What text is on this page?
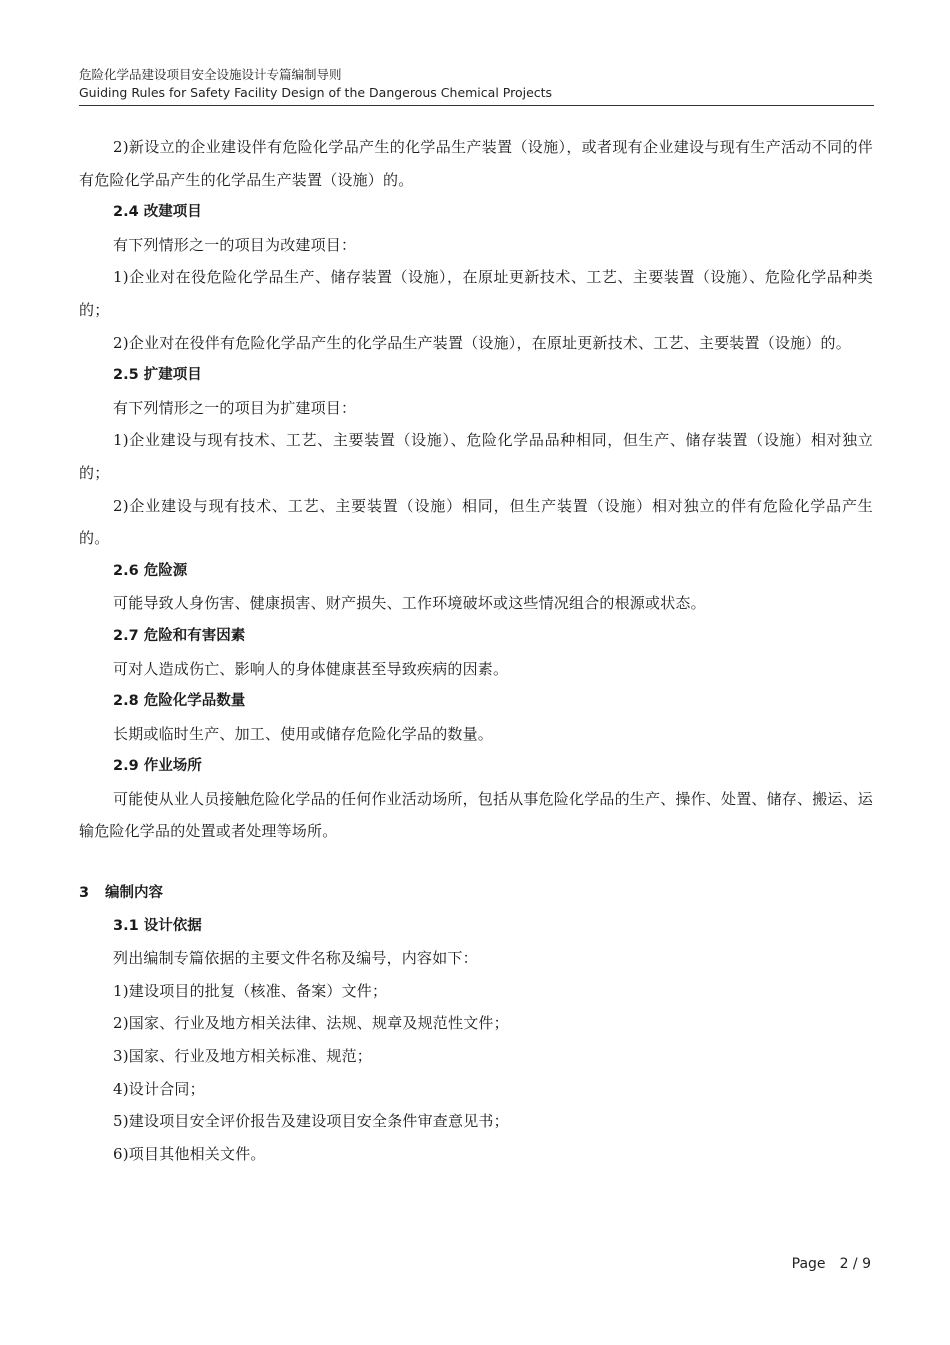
危险化学品建设项目安全设施设计专篇编制导则
Guiding Rules for Safety Facility Design of the Dangerous Chemical Projects

2)新设立的企业建设伴有危险化学品产生的化学品生产装置（设施），或者现有企业建设与现有生产活动不同的伴有危险化学品产生的化学品生产装置（设施）的。

2.4 改建项目

有下列情形之一的项目为改建项目：

1)企业对在役危险化学品生产、储存装置（设施），在原址更新技术、工艺、主要装置（设施）、危险化学品种类的；

2)企业对在役伴有危险化学品产生的化学品生产装置（设施），在原址更新技术、工艺、主要装置（设施）的。

2.5 扩建项目

有下列情形之一的项目为扩建项目：

1)企业建设与现有技术、工艺、主要装置（设施）、危险化学品品种相同，但生产、储存装置（设施）相对独立的；

2)企业建设与现有技术、工艺、主要装置（设施）相同，但生产装置（设施）相对独立的伴有危险化学品产生的。

2.6 危险源

可能导致人身伤害、健康损害、财产损失、工作环境破坏或这些情况组合的根源或状态。

2.7 危险和有害因素

可对人造成伤亡、影响人的身体健康甚至导致疾病的因素。

2.8 危险化学品数量

长期或临时生产、加工、使用或储存危险化学品的数量。

2.9 作业场所

可能使从业人员接触危险化学品的任何作业活动场所，包括从事危险化学品的生产、操作、处置、储存、搬运、运输危险化学品的处置或者处理等场所。

3 编制内容

3.1 设计依据

列出编制专篇依据的主要文件名称及编号，内容如下：

1)建设项目的批复（核准、备案）文件；

2)国家、行业及地方相关法律、法规、规章及规范性文件；

3)国家、行业及地方相关标准、规范；

4)设计合同；

5)建设项目安全评价报告及建设项目安全条件审查意见书；

6)项目其他相关文件。

Page 2 / 9
